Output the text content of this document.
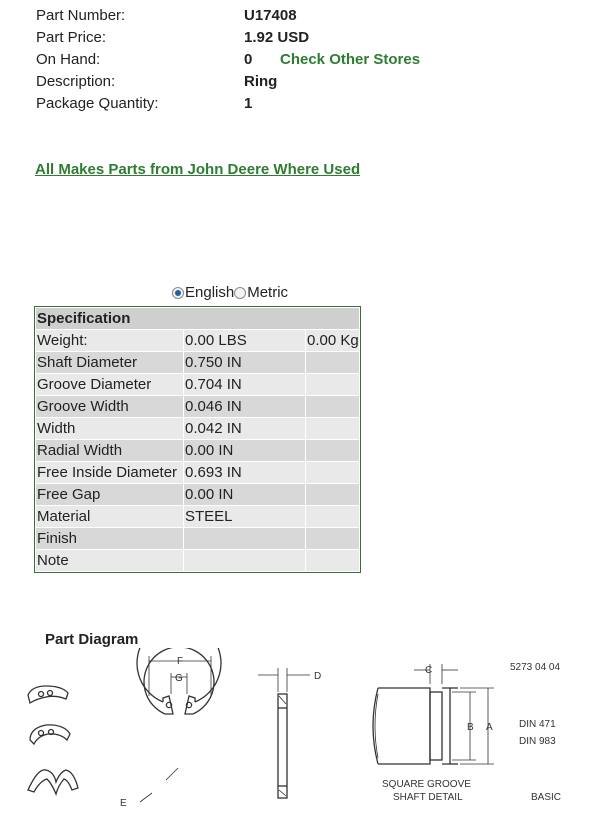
Part Number:	U17408
Part Price:	1.92 USD
On Hand:	0 Check Other Stores
Description:	Ring
Package Quantity:	1
All Makes Parts from John Deere Where Used
English Metric
Specification		
Weight:	0.00 LBS	0.00 Kg
Shaft Diameter	0.750 IN	
Groove Diameter	0.704 IN	
Groove Width	0.046 IN	
Width	0.042 IN	
Radial Width	0.00 IN	
Free Inside Diameter	0.693 IN	
Free Gap	0.00 IN	
Material	STEEL	
Finish		
Note		
Part Diagram
F
G
E
D
C
B A
5273 04 04
DIN 471
DIN 983
SQUARE GROOVE
SHAFT DETAIL	BASIC
